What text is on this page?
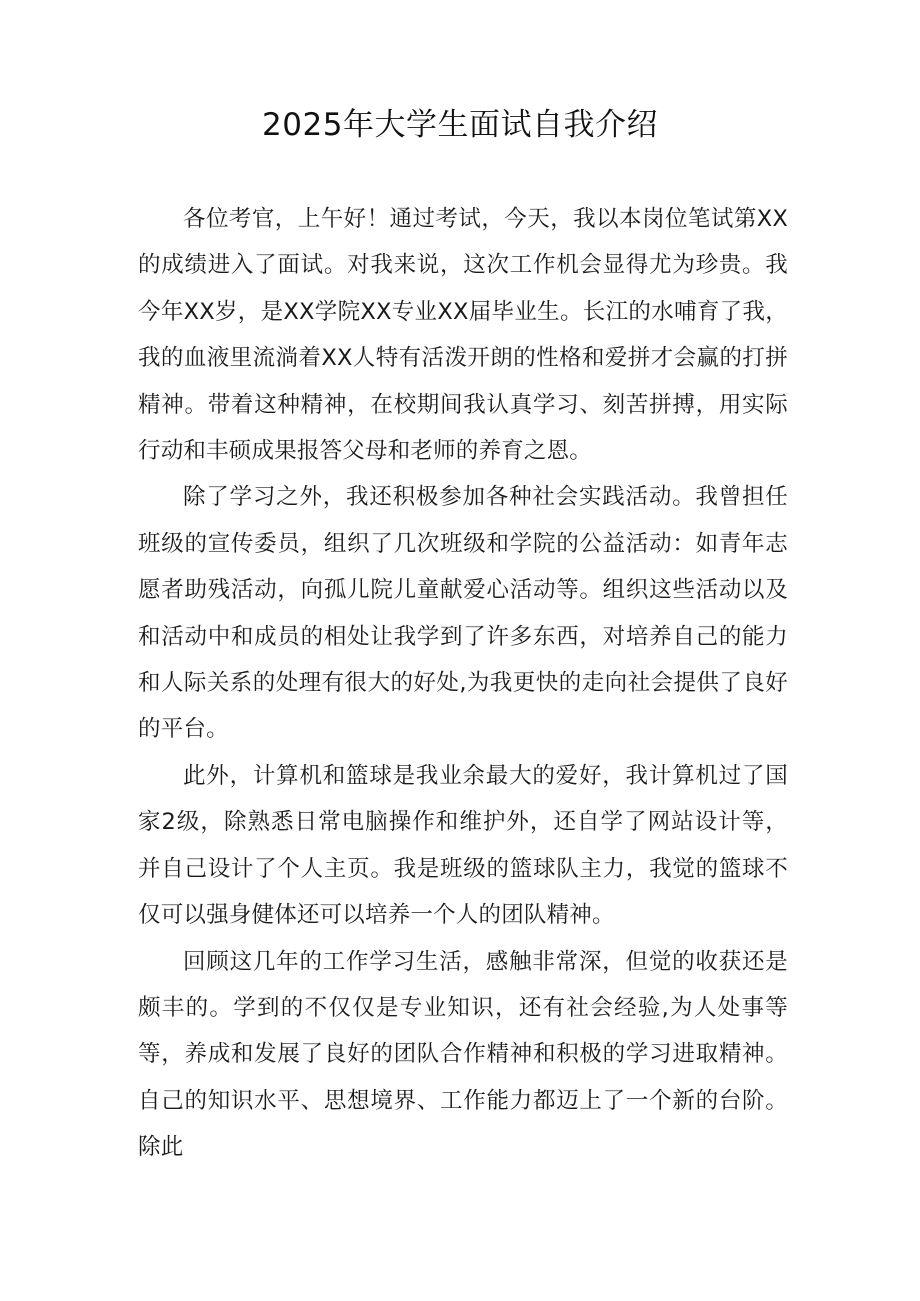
2025年大学生面试自我介绍

各位考官，上午好！通过考试，今天，我以本岗位笔试第XX的成绩进入了面试。对我来说，这次工作机会显得尤为珍贵。我今年XX岁，是XX学院XX专业XX届毕业生。长江的水哺育了我，我的血液里流淌着XX人特有活泼开朗的性格和爱拼才会赢的打拼精神。带着这种精神，在校期间我认真学习、刻苦拼搏，用实际行动和丰硕成果报答父母和老师的养育之恩。

除了学习之外，我还积极参加各种社会实践活动。我曾担任班级的宣传委员，组织了几次班级和学院的公益活动：如青年志愿者助残活动，向孤儿院儿童献爱心活动等。组织这些活动以及和活动中和成员的相处让我学到了许多东西，对培养自己的能力和人际关系的处理有很大的好处,为我更快的走向社会提供了良好的平台。

此外，计算机和篮球是我业余最大的爱好，我计算机过了国家2级，除熟悉日常电脑操作和维护外，还自学了网站设计等，并自己设计了个人主页。我是班级的篮球队主力，我觉的篮球不仅可以强身健体还可以培养一个人的团队精神。

回顾这几年的工作学习生活，感触非常深，但觉的收获还是颇丰的。学到的不仅仅是专业知识，还有社会经验,为人处事等等，养成和发展了良好的团队合作精神和积极的学习进取精神。自己的知识水平、思想境界、工作能力都迈上了一个新的台阶。除此
